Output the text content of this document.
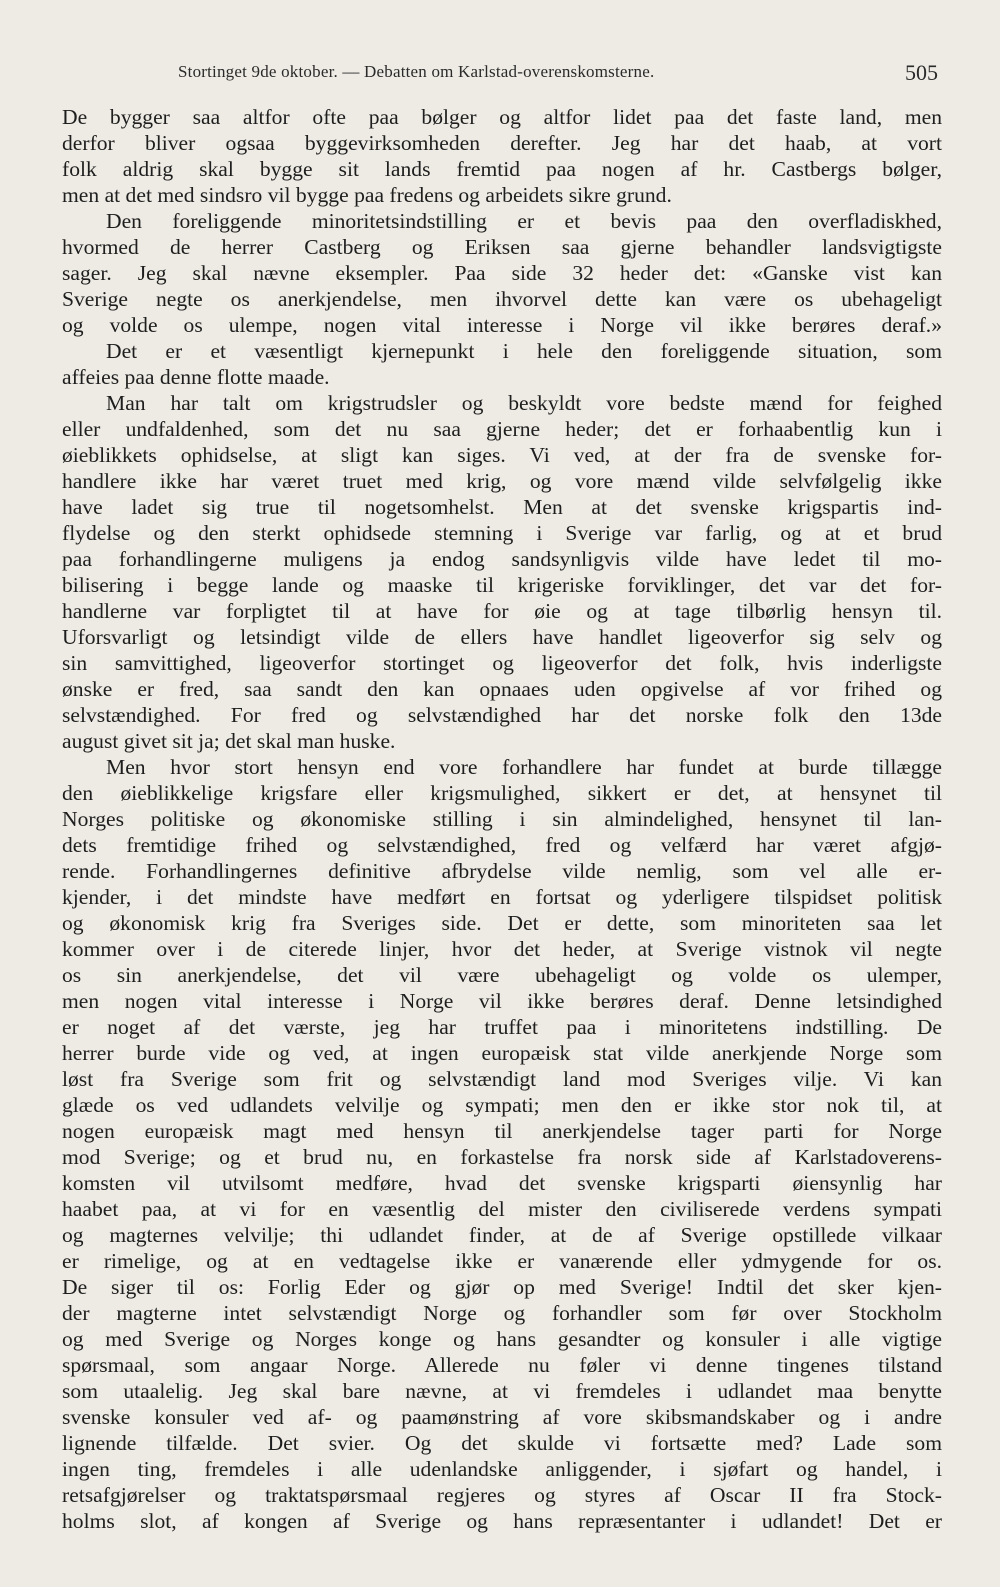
Stortinget 9de oktober. — Debatten om Karlstad-overenskomsterne.	505

De bygger saa altfor ofte paa bølger og altfor lidet paa det faste land, men

derfor bliver ogsaa byggevirksomheden derefter. Jeg har det haab, at vort

folk aldrig skal bygge sit lands fremtid paa nogen af hr. Castbergs bølger,

men at det med sindsro vil bygge paa fredens og arbeidets sikre grund.

Den foreliggende minoritetsindstilling er et bevis paa den overfladiskhed,

hvormed de herrer Castberg og Eriksen saa gjerne behandler landsvigtigste

sager. Jeg skal nævne eksempler. Paa side 32 heder det: «Ganske vist kan

Sverige negte os anerkjendelse, men ihvorvel dette kan være os ubehageligt

og volde os ulempe, nogen vital interesse i Norge vil ikke berøres deraf.»

Det er et væsentligt kjernepunkt i hele den foreliggende situation, som

affeies paa denne flotte maade.

Man har talt om krigstrudsler og beskyldt vore bedste mænd for feighed

eller undfaldenhed, som det nu saa gjerne heder; det er forhaabentlig kun i

øieblikkets ophidselse, at sligt kan siges. Vi ved, at der fra de svenske for-

handlere ikke har været truet med krig, og vore mænd vilde selvfølgelig ikke

have ladet sig true til nogetsomhelst. Men at det svenske krigspartis ind-

flydelse og den sterkt ophidsede stemning i Sverige var farlig, og at et brud

paa forhandlingerne muligens ja endog sandsynligvis vilde have ledet til mo-

bilisering i begge lande og maaske til krigeriske forviklinger, det var det for-

handlerne var forpligtet til at have for øie og at tage tilbørlig hensyn til.

Uforsvarligt og letsindigt vilde de ellers have handlet ligeoverfor sig selv og

sin samvittighed, ligeoverfor stortinget og ligeoverfor det folk, hvis inderligste

ønske er fred, saa sandt den kan opnaaes uden opgivelse af vor frihed og

selvstændighed. For fred og selvstændighed har det norske folk den 13de

august givet sit ja; det skal man huske.

Men hvor stort hensyn end vore forhandlere har fundet at burde tillægge

den øieblikkelige krigsfare eller krigsmulighed, sikkert er det, at hensynet til

Norges politiske og økonomiske stilling i sin almindelighed, hensynet til lan-

dets fremtidige frihed og selvstændighed, fred og velfærd har været afgjø-

rende. Forhandlingernes definitive afbrydelse vilde nemlig, som vel alle er-

kjender, i det mindste have medført en fortsat og yderligere tilspidset politisk

og økonomisk krig fra Sveriges side. Det er dette, som minoriteten saa let

kommer over i de citerede linjer, hvor det heder, at Sverige vistnok vil negte

os sin anerkjendelse, det vil være ubehageligt og volde os ulemper,

men nogen vital interesse i Norge vil ikke berøres deraf. Denne letsindighed

er noget af det værste, jeg har truffet paa i minoritetens indstilling. De

herrer burde vide og ved, at ingen europæisk stat vilde anerkjende Norge som

løst fra Sverige som frit og selvstændigt land mod Sveriges vilje. Vi kan

glæde os ved udlandets velvilje og sympati; men den er ikke stor nok til, at

nogen europæisk magt med hensyn til anerkjendelse tager parti for Norge

mod Sverige; og et brud nu, en forkastelse fra norsk side af Karlstadoverens-

komsten vil utvilsomt medføre, hvad det svenske krigsparti øiensynlig har

haabet paa, at vi for en væsentlig del mister den civiliserede verdens sympati

og magternes velvilje; thi udlandet finder, at de af Sverige opstillede vilkaar

er rimelige, og at en vedtagelse ikke er vanærende eller ydmygende for os.

De siger til os: Forlig Eder og gjør op med Sverige! Indtil det sker kjen-

der magterne intet selvstændigt Norge og forhandler som før over Stockholm

og med Sverige og Norges konge og hans gesandter og konsuler i alle vigtige

spørsmaal, som angaar Norge. Allerede nu føler vi denne tingenes tilstand

som utaalelig. Jeg skal bare nævne, at vi fremdeles i udlandet maa benytte

svenske konsuler ved af- og paamønstring af vore skibsmandskaber og i andre

lignende tilfælde. Det svier. Og det skulde vi fortsætte med? Lade som

ingen ting, fremdeles i alle udenlandske anliggender, i sjøfart og handel, i

retsafgjørelser og traktatspørsmaal regjeres og styres af Oscar II fra Stock-

holms slot, af kongen af Sverige og hans repræsentanter i udlandet! Det er
